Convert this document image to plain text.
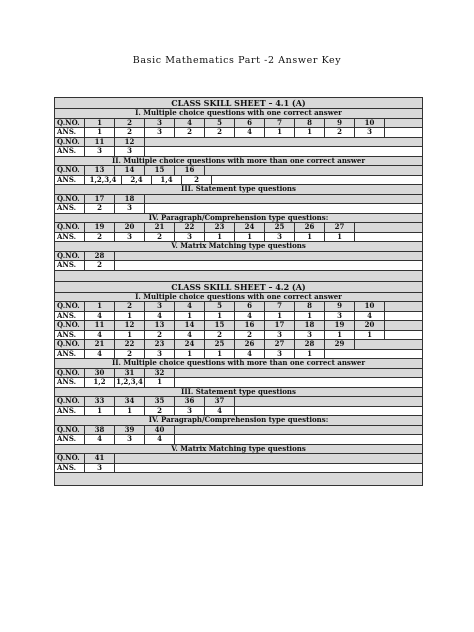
Basic Mathematics Part -2 Answer Key
CLASS SKILL SHEET – 4.1 (A)
I. Multiple choice questions with one correct answer
Q.NO.	1	2	3	4	5	6	7	8	9	10
ANS.	1	2	3	2	2	4	1	1	2	3
Q.NO.	11	12
ANS.	3	3
II. Multiple choice questions with more than one correct answer
Q.NO.	13	14	15	16
ANS.	1,2,3,4	2,4	1,4	2
III. Statement type questions
Q.NO.	17	18
ANS.	2	3
IV. Paragraph/Comprehension type questions:
Q.NO.	19	20	21	22	23	24	25	26	27
ANS.	2	3	2	3	1	1	3	1	1
V. Matrix Matching type questions
Q.NO.	28
ANS.	2
CLASS SKILL SHEET – 4.2 (A)
I. Multiple choice questions with one correct answer
Q.NO.	1	2	3	4	5	6	7	8	9	10
ANS.	4	1	4	1	1	4	1	1	3	4
Q.NO.	11	12	13	14	15	16	17	18	19	20
ANS.	4	1	2	4	2	2	3	3	1	1
Q.NO.	21	22	23	24	25	26	27	28	29
ANS.	4	2	3	1	1	4	3	1
II. Multiple choice questions with more than one correct answer
Q.NO.	30	31	32
ANS.	1,2	1,2,3,4	1
III. Statement type questions
Q.NO.	33	34	35	36	37
ANS.	1	1	2	3	4
IV. Paragraph/Comprehension type questions:
Q.NO.	38	39	40
ANS.	4	3	4
V. Matrix Matching type questions
Q.NO.	41
ANS.	3
